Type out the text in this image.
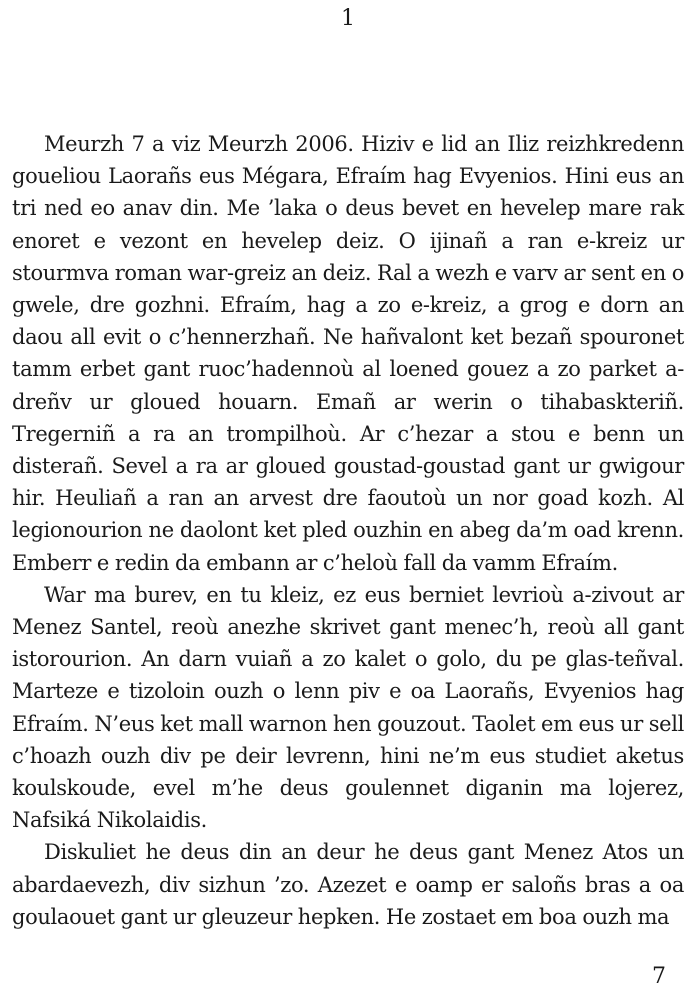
1

Meurzh 7 a viz Meurzh 2006. Hiziv e lid an Iliz reizhkredenn goueliou Laorañs eus Mégara, Efraím hag Evyenios. Hini eus an tri ned eo anav din. Me ’laka o deus bevet en hevelep mare rak enoret e vezont en hevelep deiz. O ijinañ a ran e-kreiz ur stourmva roman war-greiz an deiz. Ral a wezh e varv ar sent en o gwele, dre gozhni. Efraím, hag a zo e-kreiz, a grog e dorn an daou all evit o c’hennerzhañ. Ne hañvalont ket bezañ spouronet tamm erbet gant ruoc’hadennoù al loened gouez a zo parket a-dreñv ur gloued houarn. Emañ ar werin o tihabaskteriñ. Tregerniñ a ra an trompilhoù. Ar c’hezar a stou e benn un disterañ. Sevel a ra ar gloued goustad-goustad gant ur gwigour hir. Heuliañ a ran an arvest dre faoutoù un nor goad kozh. Al legionourion ne daolont ket pled ouzhin en abeg da’m oad krenn. Emberr e redin da embann ar c’heloù fall da vamm Efraím.

War ma burev, en tu kleiz, ez eus berniet levrioù a-zivout ar Menez Santel, reoù anezhe skrivet gant menec’h, reoù all gant istorourion. An darn vuiañ a zo kalet o golo, du pe glas-teñval. Marteze e tizoloin ouzh o lenn piv e oa Laorañs, Evyenios hag Efraím. N’eus ket mall warnon hen gouzout. Taolet em eus ur sell c’hoazh ouzh div pe deir levrenn, hini ne’m eus studiet aketus koulskoude, evel m’he deus goulennet diganin ma lojerez, Nafsiká Nikolaidis.

Diskuliet he deus din an deur he deus gant Menez Atos un abardaevezh, div sizhun ’zo. Azezet e oamp er saloñs bras a oa goulaouet gant ur gleuzeur hepken. He zostaet em boa ouzh ma

7
